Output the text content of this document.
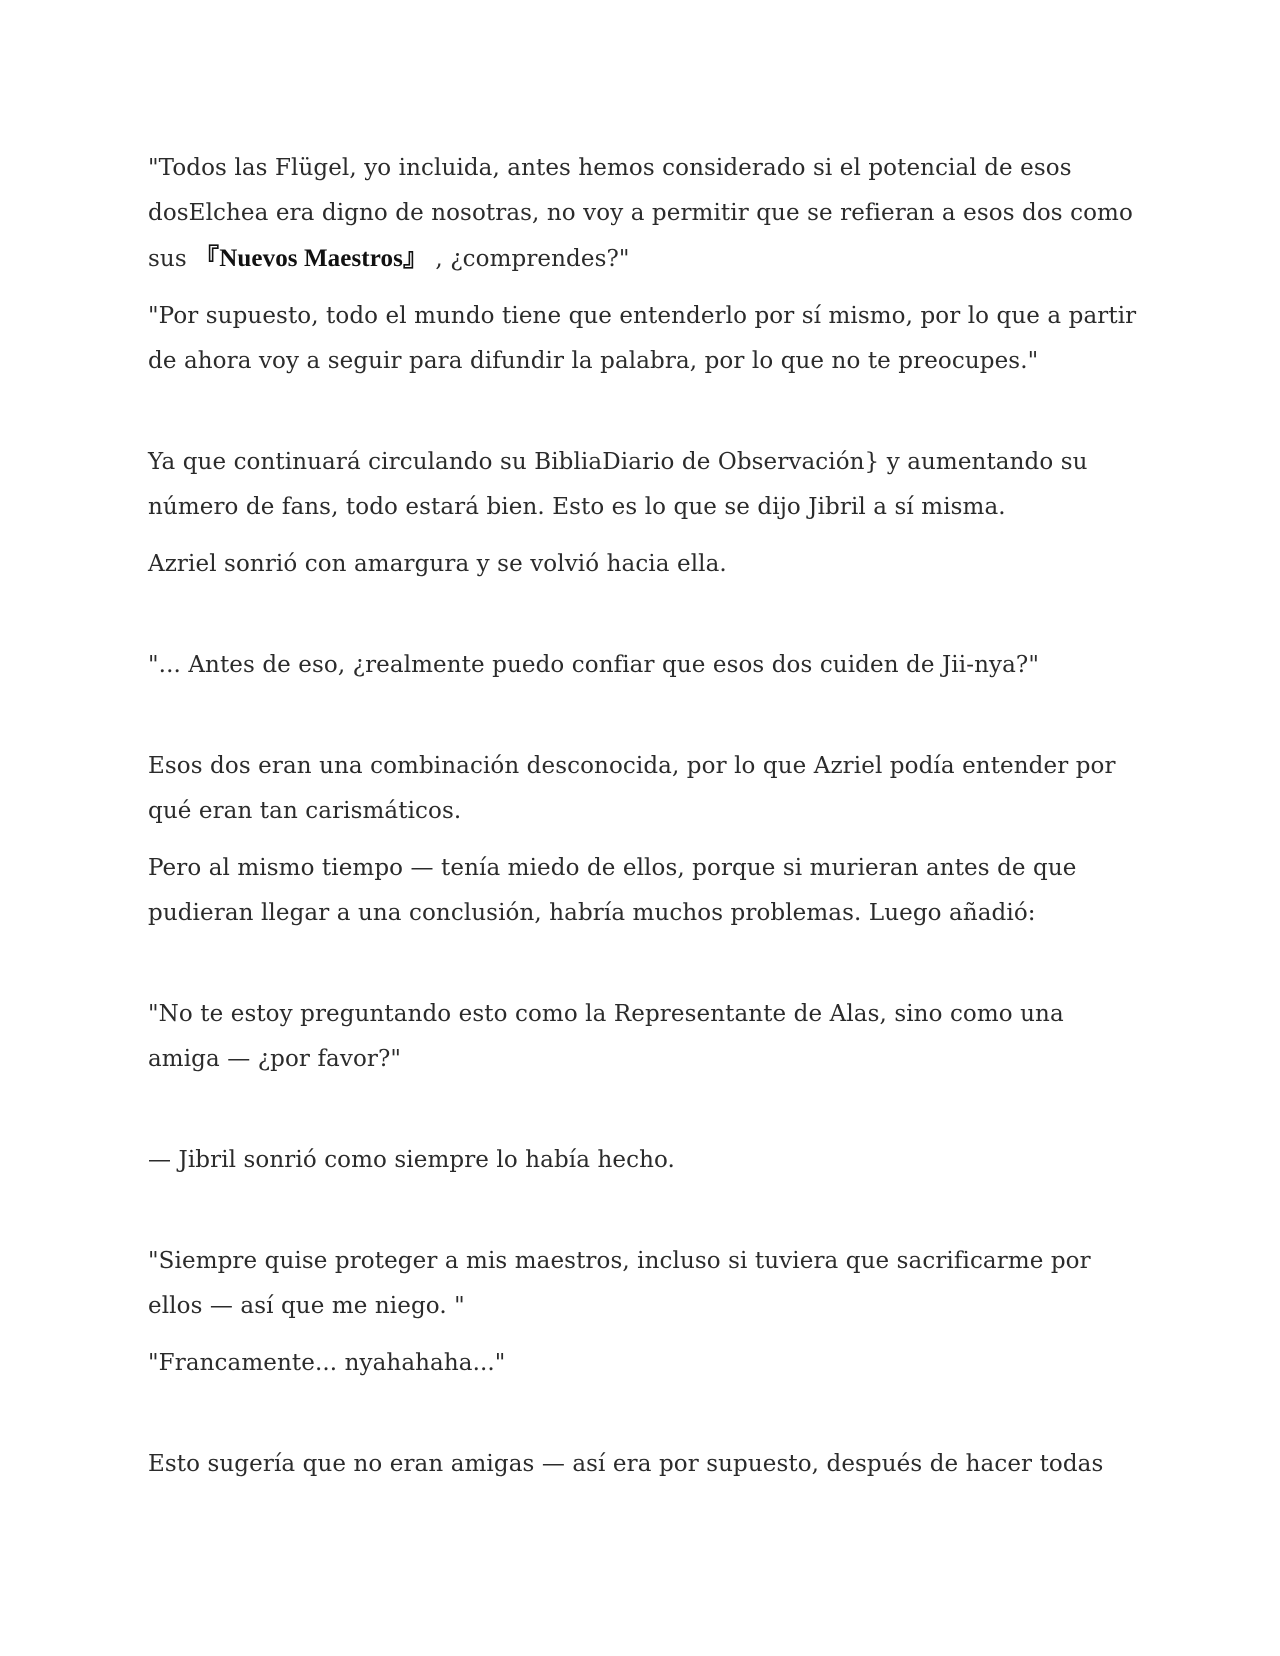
"Todos las Flügel, yo incluida, antes hemos considerado si el potencial de esos dosElchea era digno de nosotras, no voy a permitir que se refieran a esos dos como sus 『Nuevos Maestros』 , ¿comprendes?"

"Por supuesto, todo el mundo tiene que entenderlo por sí mismo, por lo que a partir de ahora voy a seguir para difundir la palabra, por lo que no te preocupes."

Ya que continuará circulando su BibliaDiario de Observación} y aumentando su número de fans, todo estará bien. Esto es lo que se dijo Jibril a sí misma.

Azriel sonrió con amargura y se volvió hacia ella.

"... Antes de eso, ¿realmente puedo confiar que esos dos cuiden de Jii-nya?"

Esos dos eran una combinación desconocida, por lo que Azriel podía entender por qué eran tan carismáticos.

Pero al mismo tiempo — tenía miedo de ellos, porque si murieran antes de que pudieran llegar a una conclusión, habría muchos problemas. Luego añadió:

"No te estoy preguntando esto como la Representante de Alas, sino como una amiga — ¿por favor?"

— Jibril sonrió como siempre lo había hecho.

"Siempre quise proteger a mis maestros, incluso si tuviera que sacrificarme por ellos — así que me niego. "

"Francamente... nyahahaha..."

Esto sugería que no eran amigas — así era por supuesto, después de hacer todas
